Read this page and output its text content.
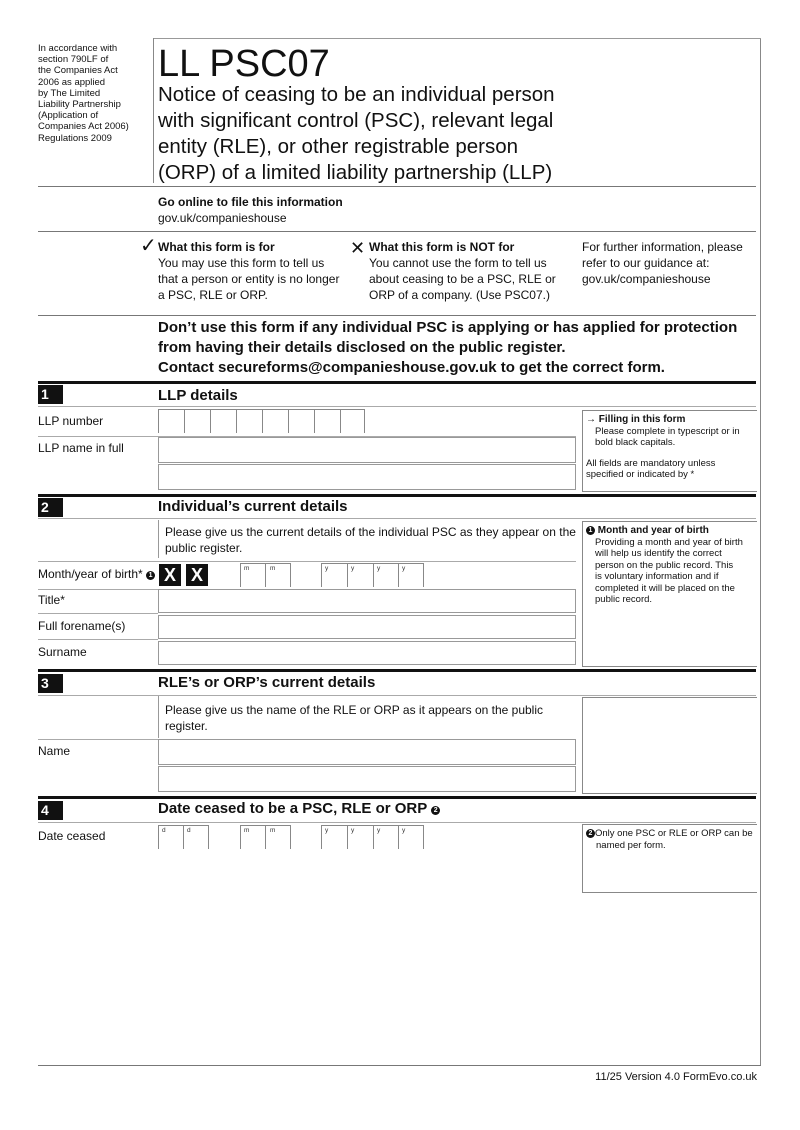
In accordance with
section 790LF of
the Companies Act
2006 as applied
by The Limited
Liability Partnership
(Application of
Companies Act 2006)
Regulations 2009
LL PSC07
Notice of ceasing to be an individual person
with significant control (PSC), relevant legal
entity (RLE), or other registrable person
(ORP) of a limited liability partnership (LLP)
Go online to file this information
gov.uk/companieshouse
✓ What this form is for
You may use this form to tell us
that a person or entity is no longer
a PSC, RLE or ORP.
✕ What this form is NOT for
You cannot use the form to tell us
about ceasing to be a PSC, RLE or
ORP of a company. (Use PSC07.)
For further information, please
refer to our guidance at:
gov.uk/companieshouse
Don’t use this form if any individual PSC is applying or has applied for protection
from having their details disclosed on the public register.
Contact secureforms@companieshouse.gov.uk to get the correct form.
1	LLP details
LLP number
LLP name in full
→ Filling in this form
Please complete in typescript or in
bold black capitals.
All fields are mandatory unless
specified or indicated by *
2	Individual’s current details
Please give us the current details of the individual PSC as they appear on the
public register.
Month/year of birth* 1 X X	m	m	y	y	y	y
Title*
Full forename(s)
Surname
1 Month and year of birth
Providing a month and year of birth
will help us identify the correct
person on the public record. This
is voluntary information and if
completed it will be placed on the
public record.
3	RLE’s or ORP’s current details
Please give us the name of the RLE or ORP as it appears on the public register.
Name
4	Date ceased to be a PSC, RLE or ORP 2
Date ceased	d	d	m	m	y	y	y	y	2 Only one PSC or RLE or ORP can be
named per form.
11/25 Version 4.0 FormEvo.co.uk
